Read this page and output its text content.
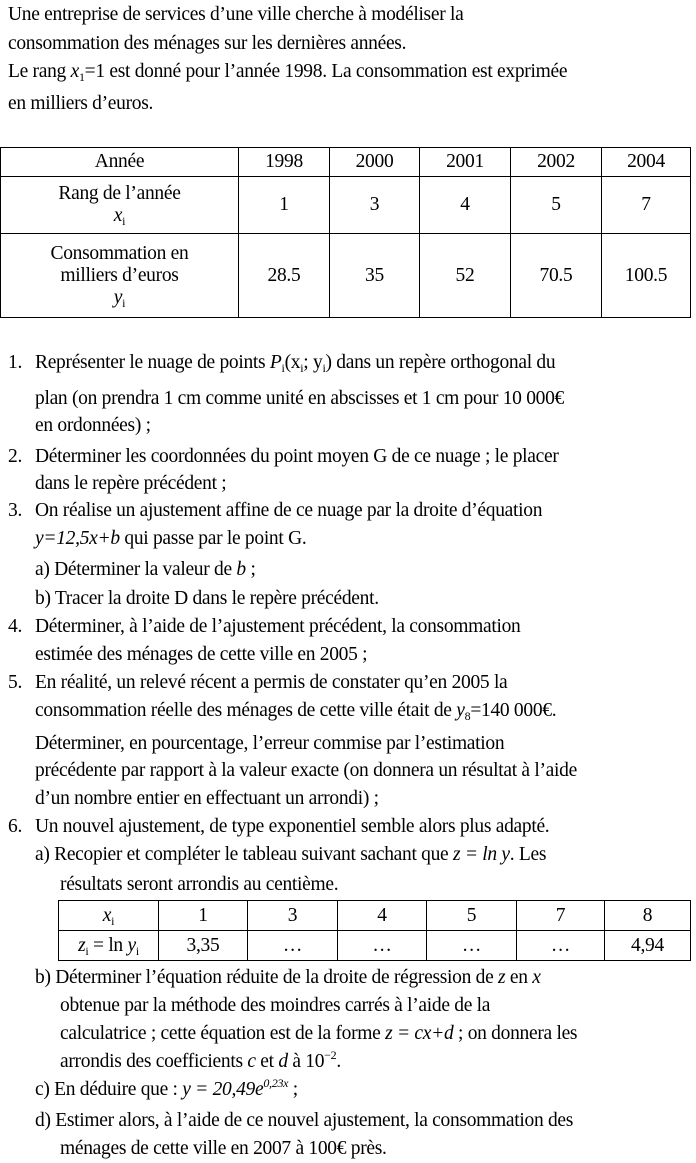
Une entreprise de services d’une ville cherche à modéliser la
consommation des ménages sur les dernières années.
Le rang $x_1=1$ est donné pour l’année 1998. La consommation est exprimée
en milliers d’euros.
Année	1998	2000	2001	2002	2004

Rang de l’année
$x_i$	1	3	4	5	7

Consommation en
milliers d’euros
$y_i$	28.5	35	52	70.5	100.5
1. Représenter le nuage de points $P_i(x_i$; $y_i$) dans un repère orthogonal du
plan (on prendra 1 cm comme unité en abscisses et 1 cm pour 10 000€
en ordonnées) ;
2. Déterminer les coordonnées du point moyen G de ce nuage ; le placer
dans le repère précédent ;
3. On réalise un ajustement affine de ce nuage par la droite d’équation
y=12,5x+b qui passe par le point G.
a) Déterminer la valeur de b ;
b) Tracer la droite D dans le repère précédent.
4. Déterminer, à l’aide de l’ajustement précédent, la consommation
estimée des ménages de cette ville en 2005 ;
5. En réalité, un relevé récent a permis de constater qu’en 2005 la
consommation réelle des ménages de cette ville était de $y_8=140$ 000€.
Déterminer, en pourcentage, l’erreur commise par l’estimation
précédente par rapport à la valeur exacte (on donnera un résultat à l’aide
d’un nombre entier en effectuant un arrondi) ;
6. Un nouvel ajustement, de type exponentiel semble alors plus adapté.
a) Recopier et compléter le tableau suivant sachant que z = ln y. Les
résultats seront arrondis au centième.
$x_i$	1	3	4	5	7	8
$z_i = \ln y_i$	3,35	…	…	…	…	4,94
b) Déterminer l’équation réduite de la droite de régression de z en x
obtenue par la méthode des moindres carrés à l’aide de la
calculatrice ; cette équation est de la forme z = cx+d ; on donnera les
arrondis des coefficients c et d à $10^{-2}$.
c) En déduire que : $y = 20,49e^{0,23x}$ ;
d) Estimer alors, à l’aide de ce nouvel ajustement, la consommation des
ménages de cette ville en 2007 à 100€ près.
